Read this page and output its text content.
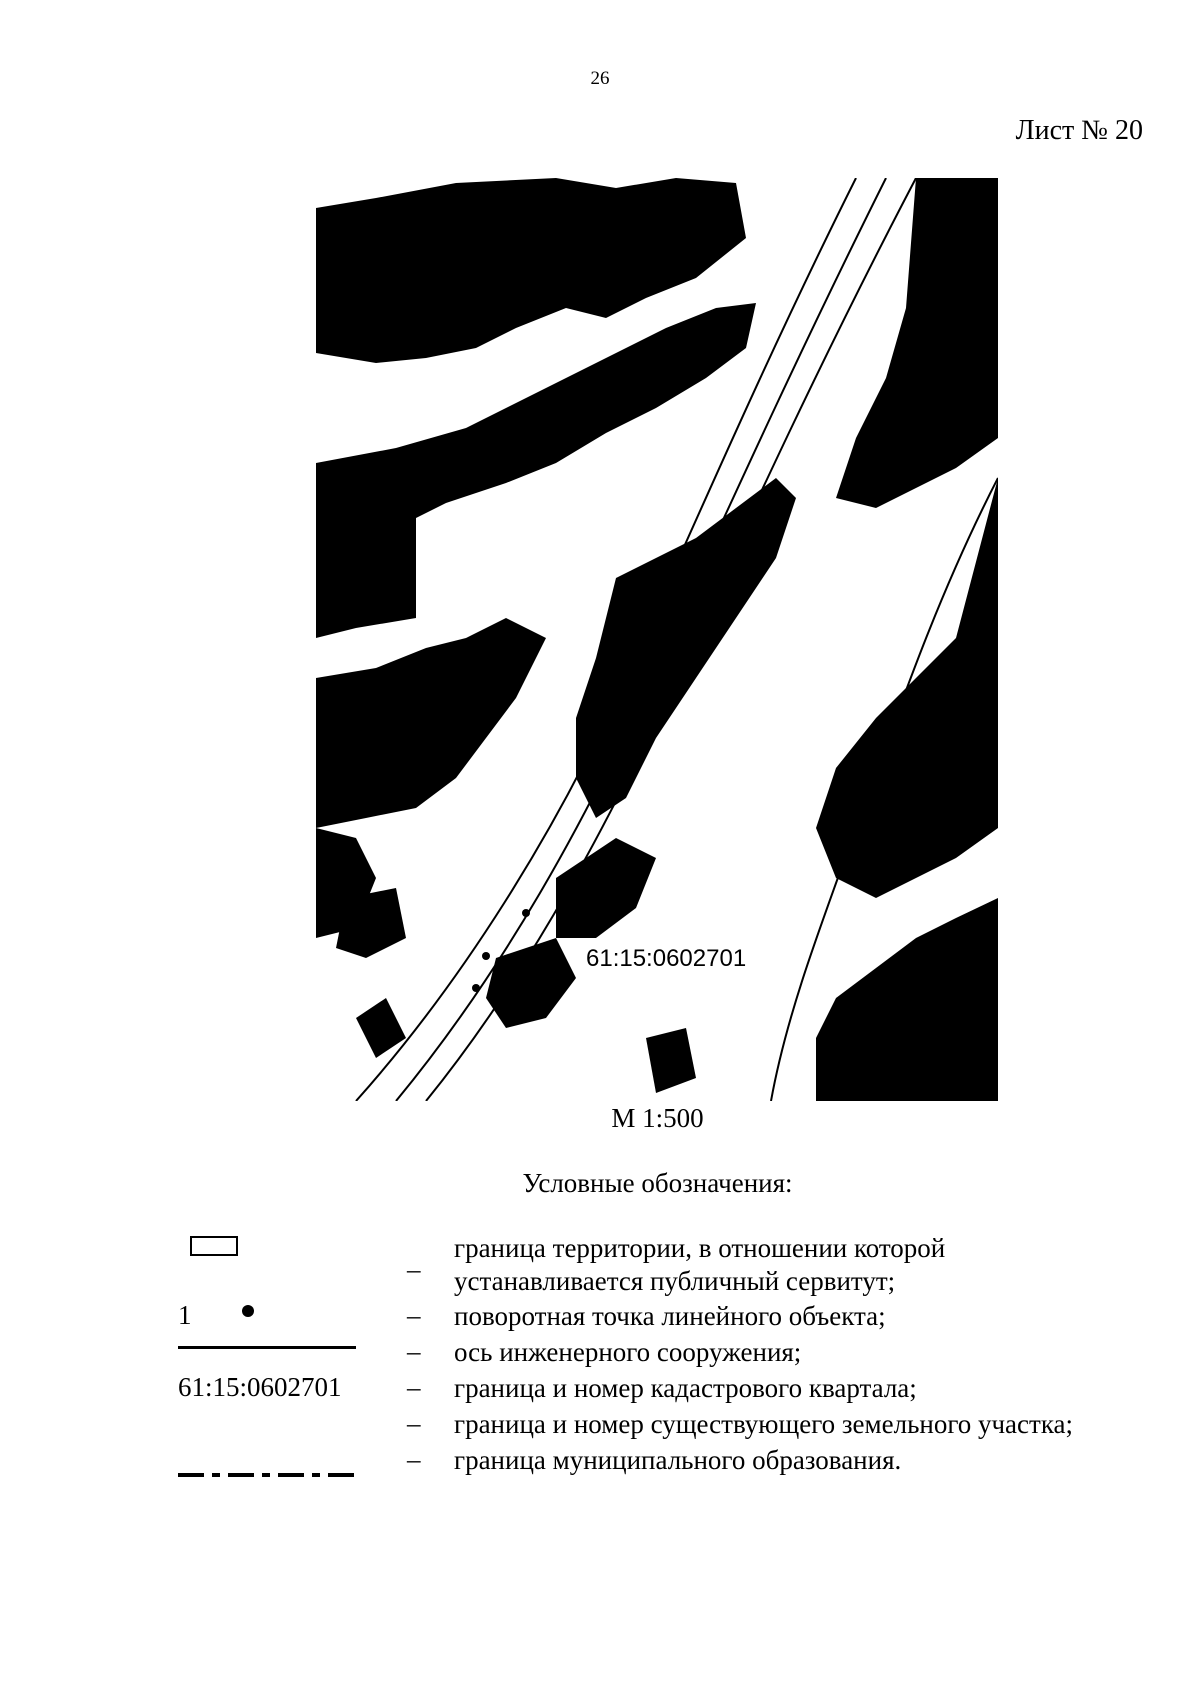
26
Лист № 20
61:15:0602701
М 1:500
Условные обозначения:
–
граница территории, в отношении которой
устанавливается публичный сервитут;
1	– поворотная точка линейного объекта;
– ось инженерного сооружения;
61:15:0602701	– граница и номер кадастрового квартала;
– граница и номер существующего земельного участка;
– граница муниципального образования.
